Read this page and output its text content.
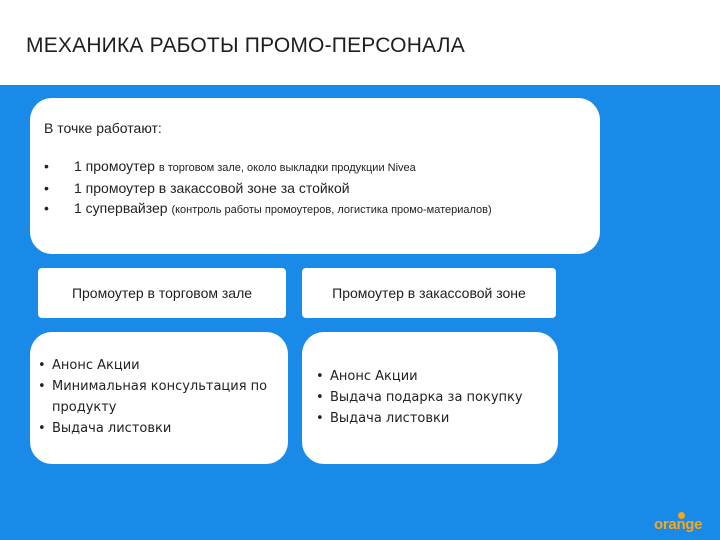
МЕХАНИКА РАБОТЫ ПРОМО-ПЕРСОНАЛА
В точке работают:
• 1 промоутер в торговом зале, около выкладки продукции Nivea
• 1 промоутер в закассовой зоне за стойкой
• 1 супервайзер (контроль работы промоутеров, логистика промо-материалов)
Промоутер в торговом зале	Промоутер в закассовой зоне
• Анонс Акции
• Минимальная консультация по продукту
• Выдача листовки
• Анонс Акции
• Выдача подарка за покупку
• Выдача листовки
orange
